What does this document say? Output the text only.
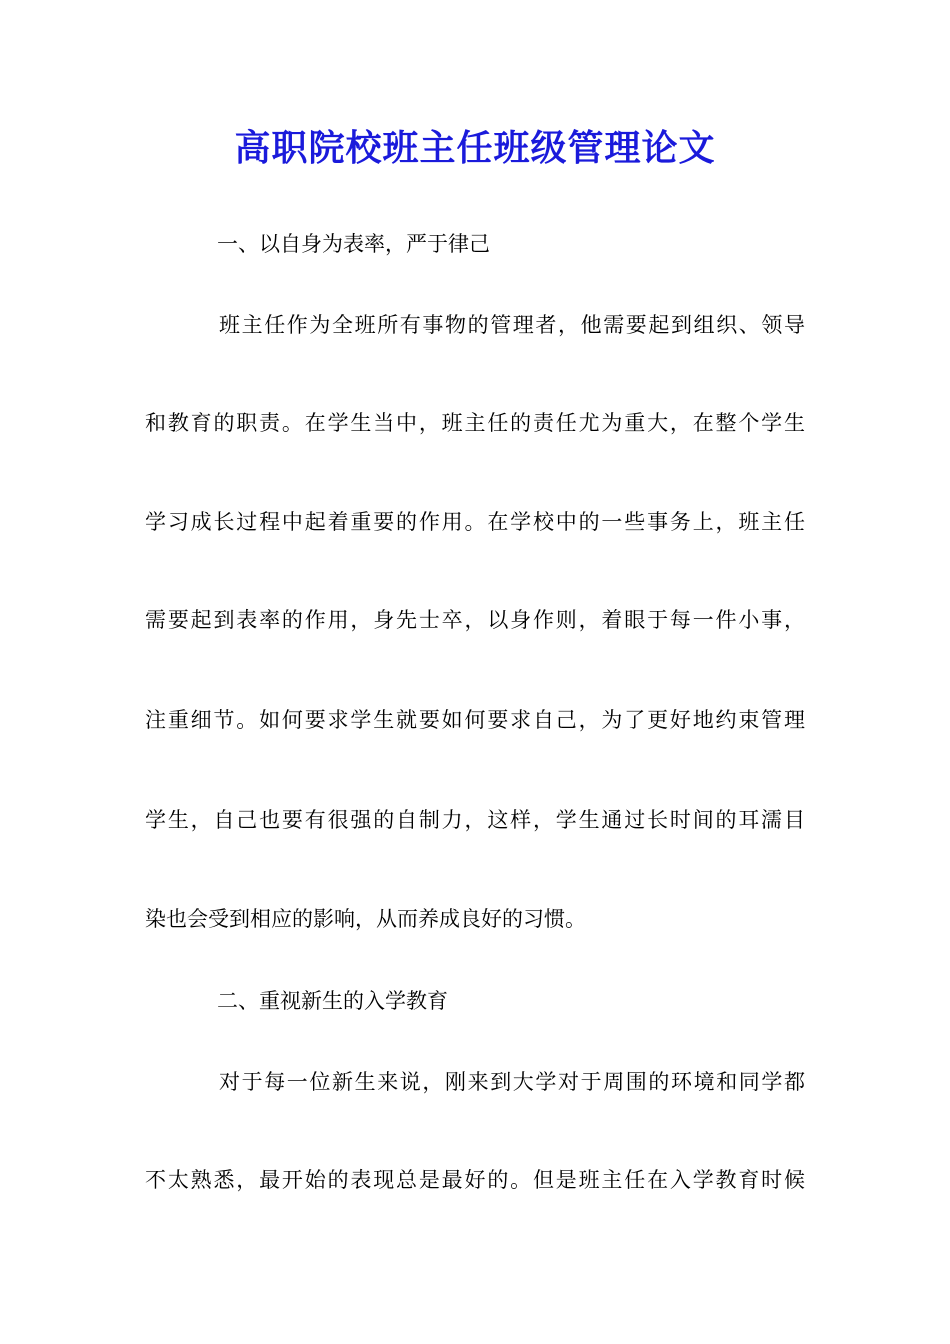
高职院校班主任班级管理论文
一、以自身为表率，严于律己
班主任作为全班所有事物的管理者，他需要起到组织、领导
和教育的职责。在学生当中，班主任的责任尤为重大，在整个学生
学习成长过程中起着重要的作用。在学校中的一些事务上，班主任
需要起到表率的作用，身先士卒，以身作则，着眼于每一件小事，
注重细节。如何要求学生就要如何要求自己，为了更好地约束管理
学生，自己也要有很强的自制力，这样，学生通过长时间的耳濡目
染也会受到相应的影响，从而养成良好的习惯。
二、重视新生的入学教育
对于每一位新生来说，刚来到大学对于周围的环境和同学都
不太熟悉，最开始的表现总是最好的。但是班主任在入学教育时候
